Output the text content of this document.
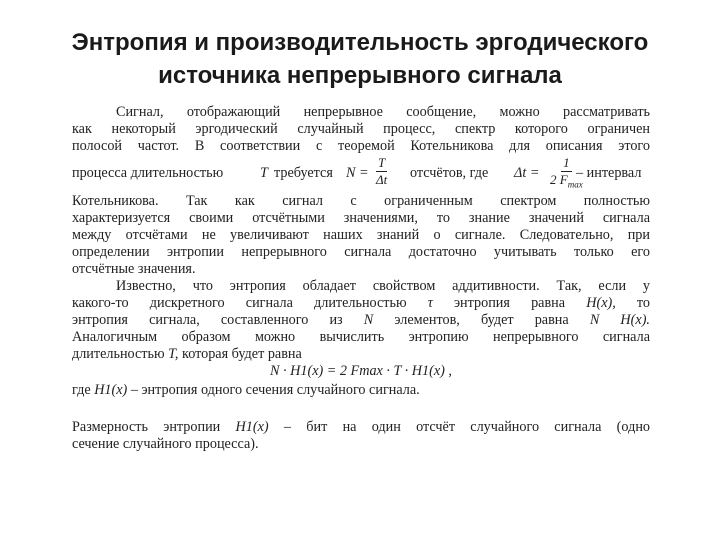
Энтропия и производительность эргодического
источника непрерывного сигнала
Сигнал, отображающий непрерывное сообщение, можно рассматривать
как некоторый эргодический случайный процесс, спектр которого ограничен
полосой частот. В соответствии с теоремой Котельникова для описания этого
процесса длительностью	T требуется $N = \frac{T}{\Delta t}$ отсчётов, где Δt =
1
2 $F_{max}$
– интервал
Котельникова. Так как сигнал с ограниченным спектром полностью
характеризуется своими отсчётными значениями, то знание значений сигнала
между отсчётами не увеличивают наших знаний о сигнале. Следовательно, при
определении энтропии непрерывного сигнала достаточно учитывать только его
отсчётные значения.
Известно, что энтропия обладает свойством аддитивности. Так, если у
какого-то дискретного сигнала длительностью τ энтропия равна H(x), то
энтропия сигнала, составленного из N элементов, будет равна N H(x).
Аналогичным образом можно вычислить энтропию непрерывного сигнала
длительностью T, которая будет равна
N · H1(x) = 2 Fmax · T · H1(x) ,
где H1(x) – энтропия одного сечения случайного сигнала.
Размерность энтропии H1(x) – бит на один отсчёт случайного сигнала (одно
сечение случайного процесса).
